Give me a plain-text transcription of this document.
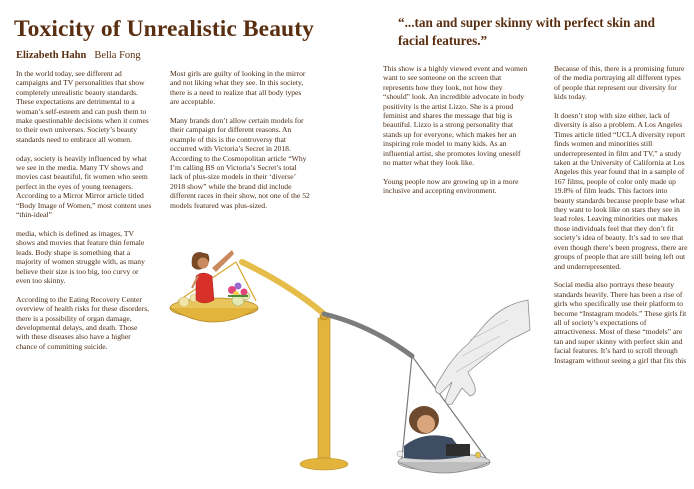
Toxicity of Unrealistic Beauty
Elizabeth Hahn Bella Fong
“...tan and super skinny with perfect skin and facial features.”

In the world today, see different ad campaigns and TV personalities that show completely unrealistic beauty standards. These expectations are detrimental to a woman’s self-esteem and can push them to make questionable decisions when it comes to their own universes. Society’s beauty standards need to embrace all women.

oday, society is heavily influenced by what we see in the media. Many TV shows and movies cast beautiful, fit women who seem perfect in the eyes of young teenagers. According to a Mirror Mirror article titled “Body Image of Women,” most content uses “thin-ideal”

media, which is defined as images, TV shows and movies that feature thin female leads. Body shape is something that a majority of women struggle with, as many believe their size is too big, too curvy or even too skinny.

According to the Eating Recovery Center overview of health risks for these disorders, there is a possibility of organ damage, developmental delays, and death. Those with these diseases also have a higher chance of committing suicide.

Most girls are guilty of looking in the mirror and not liking what they see. In this society, there is a need to realize that all body types are acceptable.

Many brands don’t allow certain models for their campaign for different reasons. An example of this is the controversy that occurred with Victoria’s Secret in 2018.

According to the Cosmopolitan article “Why I’m calling BS on Victoria’s Secret’s total lack of plus-size models in their ‘diverse’ 2018 show” while the brand did include different races in their show, not one of the 52 models featured was plus-sized.

This show is a highly viewed event and women want to see someone on the screen that represents how they look, not how they “should” look. An incredible advocate in body positivity is the artist Lizzo. She is a proud feminist and shares the message that big is beautiful. Lizzo is a strong personality that stands up for everyone, which makes her an inspiring role model to many kids. As an influential artist, she promotes loving oneself no matter what they look like.

Young people now are growing up in a more inclusive and accepting environment.

Because of this, there is a promising future of the media portraying all different types of people that represent our diversity for kids today.

It doesn’t stop with size either, lack of diversity is also a problem. A Los Angeles Times article titled “UCLA diversity report finds women and minorities still underrepresented in film and TV,” a study taken at the University of California at Los Angeles this year found that in a sample of 167 films, people of color only made up 19.8% of film leads. This factors into beauty standards because people base what they want to look like on stars they see in lead roles. Leaving minorities out makes those individuals feel that they don’t fit society’s idea of beauty. It’s sad to see that even though there’s been progress, there are groups of people that are still being left out and underrepresented.

Social media also portrays these beauty standards heavily. There has been a rise of girls who specifically use their platform to become “Instagram models.” These girls fit all of society’s expectations of attractiveness. Most of these “models” are tan and super skinny with perfect skin and facial features. It’s hard to scroll through Instagram without seeing a girl that fits this
